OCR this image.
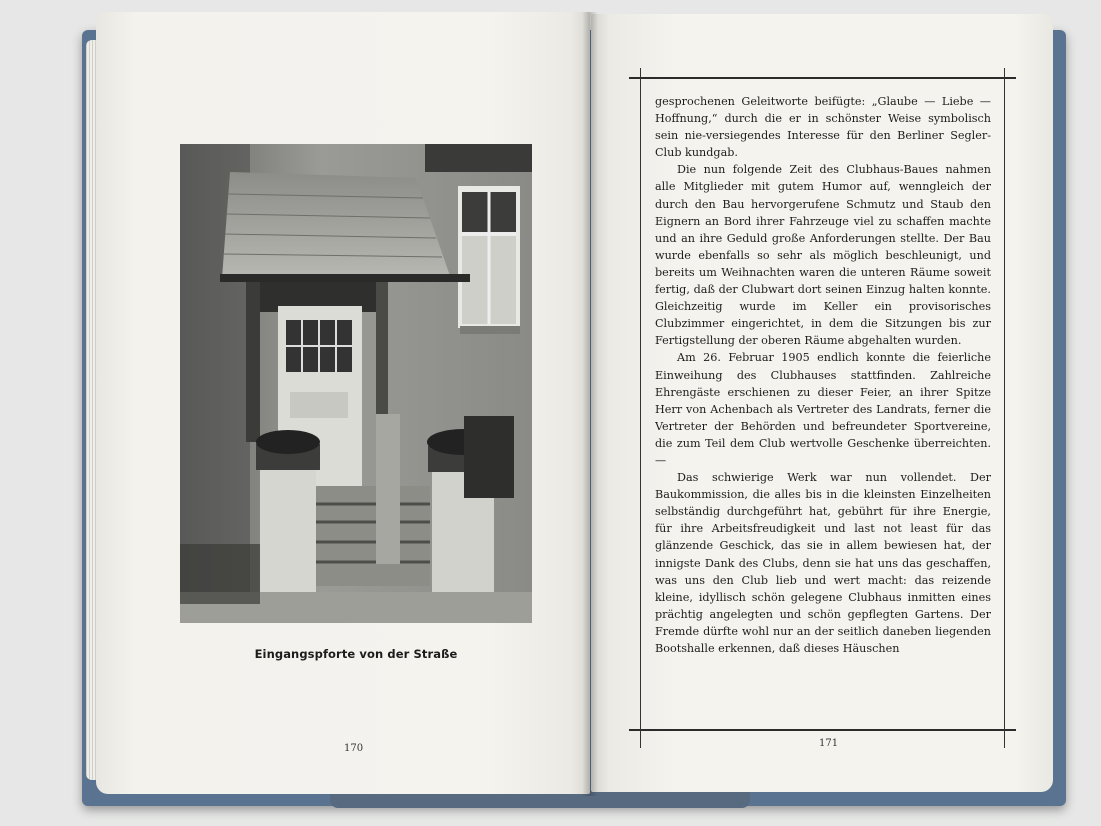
Eingangspforte von der Straße
170

gesprochenen Geleitworte beifügte: „Glaube — Liebe — Hoffnung,“ durch die er in schönster Weise symbolisch sein nie-versiegendes Interesse für den Berliner Segler-Club kundgab.

Die nun folgende Zeit des Clubhaus-Baues nahmen alle Mitglieder mit gutem Humor auf, wenngleich der durch den Bau hervorgerufene Schmutz und Staub den Eignern an Bord ihrer Fahrzeuge viel zu schaffen machte und an ihre Geduld große Anforderungen stellte. Der Bau wurde ebenfalls so sehr als möglich beschleunigt, und bereits um Weihnachten waren die unteren Räume soweit fertig, daß der Clubwart dort seinen Einzug halten konnte. Gleichzeitig wurde im Keller ein provisorisches Clubzimmer eingerichtet, in dem die Sitzungen bis zur Fertigstellung der oberen Räume abgehalten wurden.

Am 26. Februar 1905 endlich konnte die feierliche Einweihung des Clubhauses stattfinden. Zahlreiche Ehrengäste erschienen zu dieser Feier, an ihrer Spitze Herr von Achenbach als Vertreter des Landrats, ferner die Vertreter der Behörden und befreundeter Sportvereine, die zum Teil dem Club wertvolle Geschenke überreichten. —

Das schwierige Werk war nun vollendet. Der Baukommission, die alles bis in die kleinsten Einzelheiten selbständig durchgeführt hat, gebührt für ihre Energie, für ihre Arbeitsfreudigkeit und last not least für das glänzende Geschick, das sie in allem bewiesen hat, der innigste Dank des Clubs, denn sie hat uns das geschaffen, was uns den Club lieb und wert macht: das reizende kleine, idyllisch schön gelegene Clubhaus inmitten eines prächtig angelegten und schön gepflegten Gartens. Der Fremde dürfte wohl nur an der seitlich daneben liegenden Bootshalle erkennen, daß dieses Häuschen

171
